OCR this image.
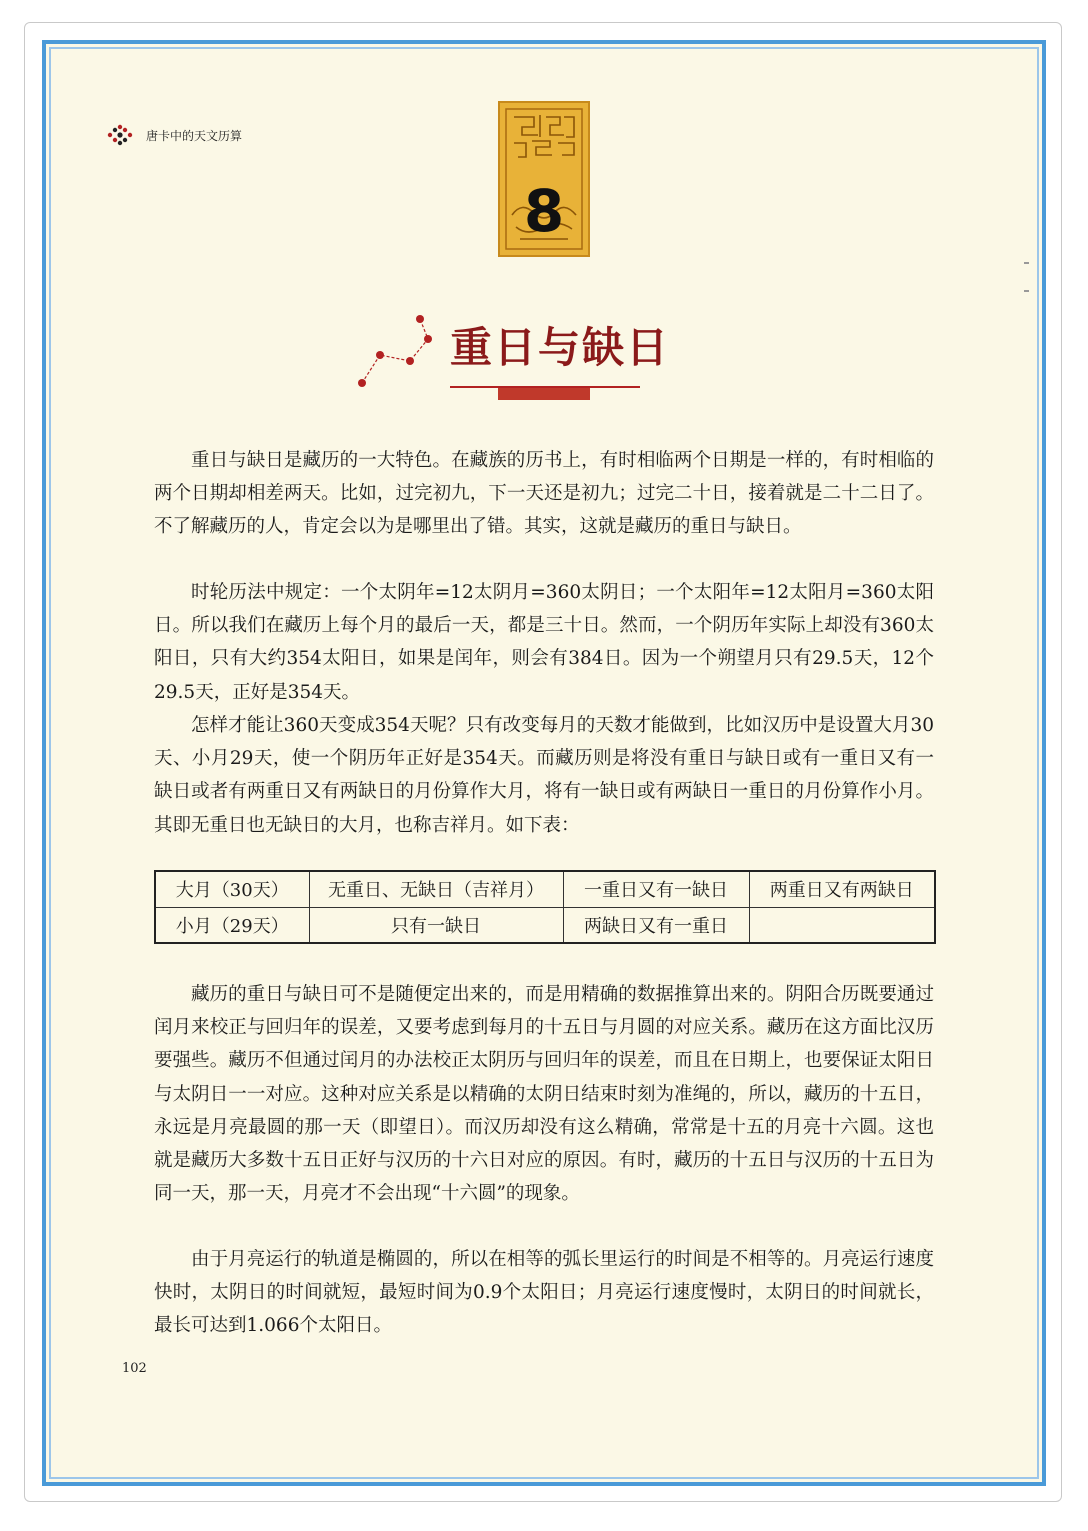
唐卡中的天文历算
8
重日与缺日

重日与缺日是藏历的一大特色。在藏族的历书上，有时相临两个日期是一样的，有时相临的两个日期却相差两天。比如，过完初九，下一天还是初九；过完二十日，接着就是二十二日了。不了解藏历的人，肯定会以为是哪里出了错。其实，这就是藏历的重日与缺日。

时轮历法中规定：一个太阴年=12太阴月=360太阴日；一个太阳年=12太阳月=360太阳日。所以我们在藏历上每个月的最后一天，都是三十日。然而，一个阴历年实际上却没有360太阳日，只有大约354太阳日，如果是闰年，则会有384日。因为一个朔望月只有29.5天，12个29.5天，正好是354天。

怎样才能让360天变成354天呢？只有改变每月的天数才能做到，比如汉历中是设置大月30天、小月29天，使一个阴历年正好是354天。而藏历则是将没有重日与缺日或有一重日又有一缺日或者有两重日又有两缺日的月份算作大月，将有一缺日或有两缺日一重日的月份算作小月。其即无重日也无缺日的大月，也称吉祥月。如下表：

大月（30天）	无重日、无缺日（吉祥月）	一重日又有一缺日	两重日又有两缺日
小月（29天）	只有一缺日	两缺日又有一重日	

藏历的重日与缺日可不是随便定出来的，而是用精确的数据推算出来的。阴阳合历既要通过闰月来校正与回归年的误差，又要考虑到每月的十五日与月圆的对应关系。藏历在这方面比汉历要强些。藏历不但通过闰月的办法校正太阴历与回归年的误差，而且在日期上，也要保证太阳日与太阴日一一对应。这种对应关系是以精确的太阴日结束时刻为准绳的，所以，藏历的十五日，永远是月亮最圆的那一天（即望日）。而汉历却没有这么精确，常常是十五的月亮十六圆。这也就是藏历大多数十五日正好与汉历的十六日对应的原因。有时，藏历的十五日与汉历的十五日为同一天，那一天，月亮才不会出现“十六圆”的现象。

由于月亮运行的轨道是椭圆的，所以在相等的弧长里运行的时间是不相等的。月亮运行速度快时，太阴日的时间就短，最短时间为0.9个太阳日；月亮运行速度慢时，太阴日的时间就长，最长可达到1.066个太阳日。

102
